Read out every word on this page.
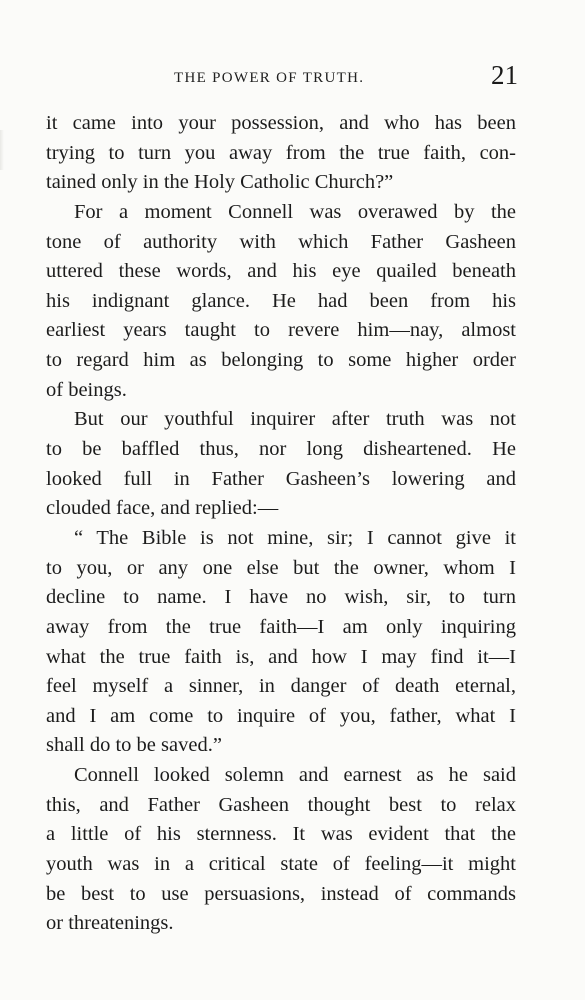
THE POWER OF TRUTH.	21
it came into your possession, and who has been
trying to turn you away from the true faith, con-
tained only in the Holy Catholic Church?”
For a moment Connell was overawed by the
tone of authority with which Father Gasheen
uttered these words, and his eye quailed beneath
his indignant glance. He had been from his
earliest years taught to revere him—nay, almost
to regard him as belonging to some higher order
of beings.
But our youthful inquirer after truth was not
to be baffled thus, nor long disheartened. He
looked full in Father Gasheen’s lowering and
clouded face, and replied:—
“ The Bible is not mine, sir; I cannot give it
to you, or any one else but the owner, whom I
decline to name. I have no wish, sir, to turn
away from the true faith—I am only inquiring
what the true faith is, and how I may find it—I
feel myself a sinner, in danger of death eternal,
and I am come to inquire of you, father, what I
shall do to be saved.”
Connell looked solemn and earnest as he said
this, and Father Gasheen thought best to relax
a little of his sternness. It was evident that the
youth was in a critical state of feeling—it might
be best to use persuasions, instead of commands
or threatenings.
